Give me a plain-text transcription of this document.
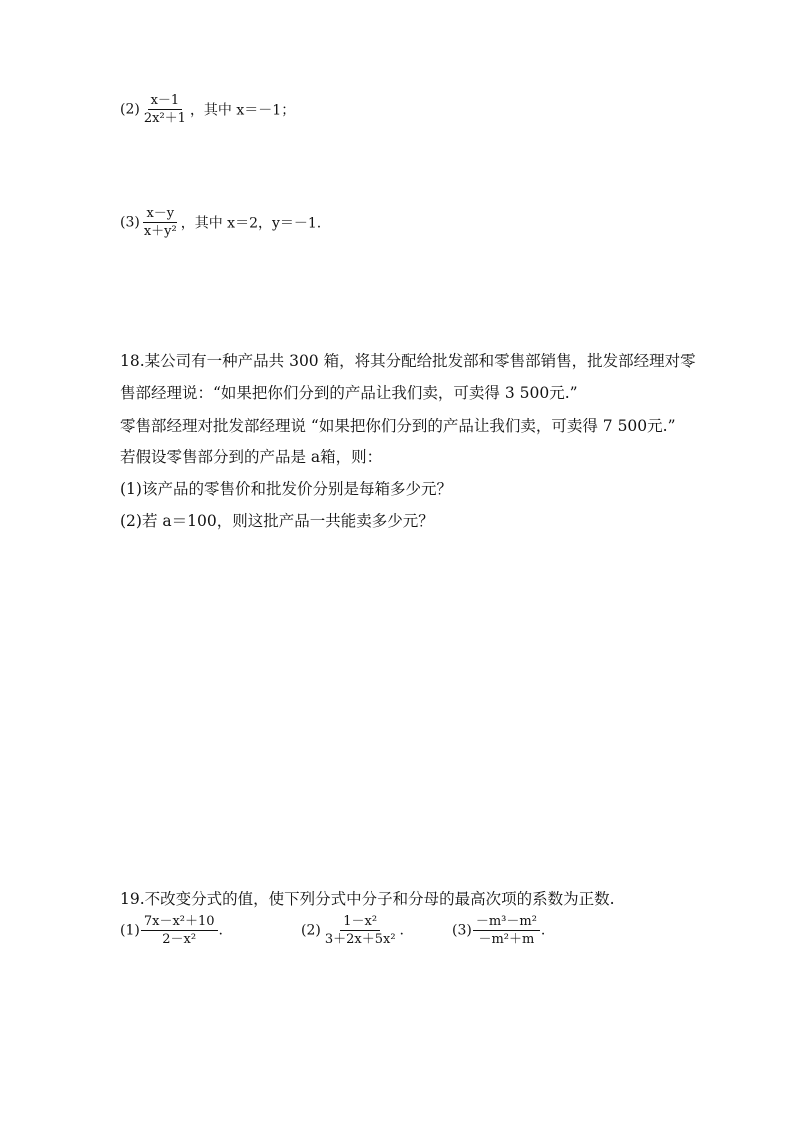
$(2) \frac{x-1}{\text{2x²＋1}}$ ，其中 x＝－1；
$(3) \frac{x-y}{\text{x＋y²}}$ ，其中 x＝2，y＝－1.
18.某公司有一种产品共 300 箱，将其分配给批发部和零售部销售，批发部经理对零
售部经理说：“如果把你们分到的产品让我们卖，可卖得 3 500元.”
零售部经理对批发部经理说 “如果把你们分到的产品让我们卖，可卖得 7 500元.”
若假设零售部分到的产品是 a箱，则：
(1)该产品的零售价和批发价分别是每箱多少元？
(2)若 a＝100，则这批产品一共能卖多少元？
19.不改变分式的值，使下列分式中分子和分母的最高次项的系数为正数.
$(1) \frac{\text{7x－x²＋10}}{\text{2－x²}}$ .	$(2) \frac{\text{1－x²}}{\text{3＋2x＋5x²}}$ .	$(3) \frac{\text{－m³－m²}}{\text{－m²＋m}}$ .
